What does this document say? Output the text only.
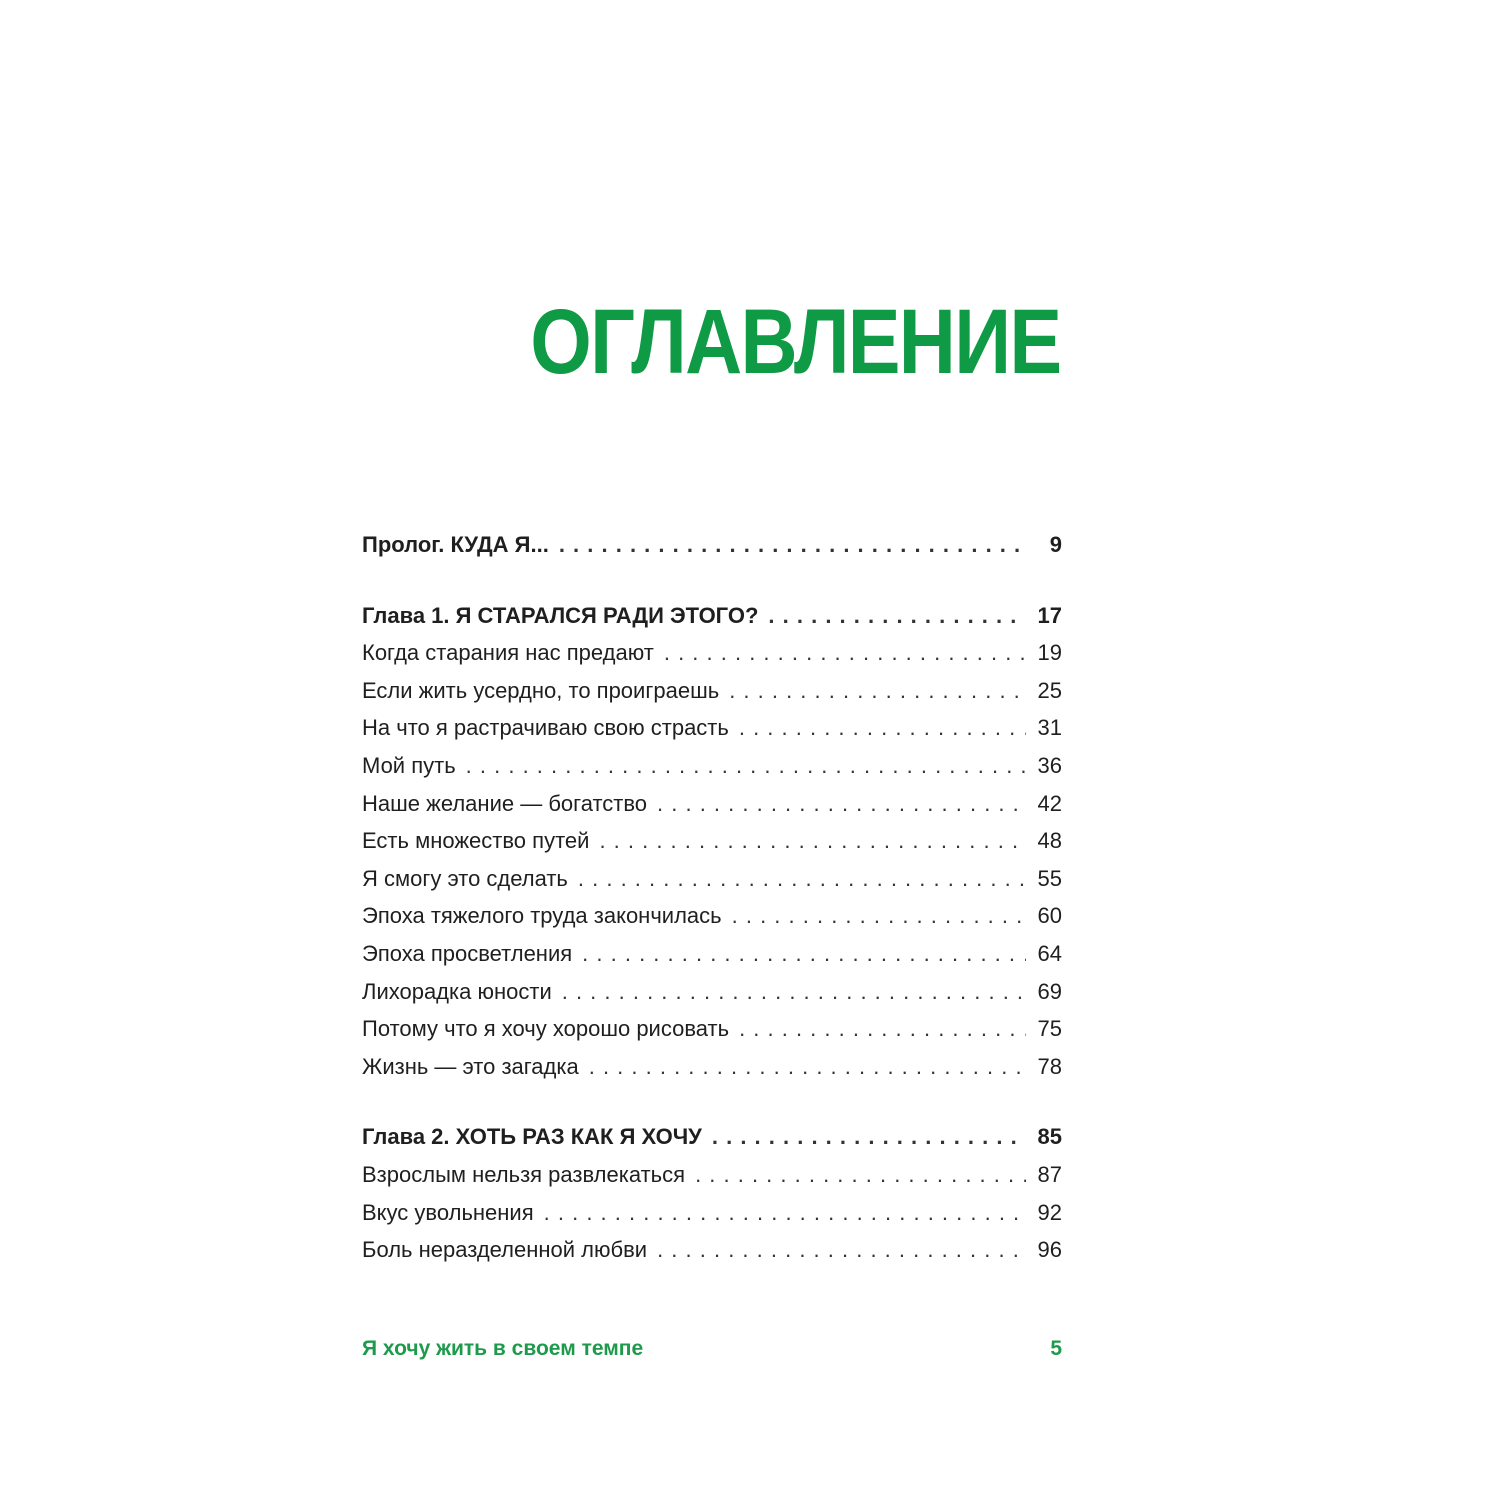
ОГЛАВЛЕНИЕ
Пролог. КУДА Я... . . .	9
Глава 1. Я СТАРАЛСЯ РАДИ ЭТОГО? . . .	17
Когда старания нас предают . . .	19
Если жить усердно, то проиграешь . . .	25
На что я растрачиваю свою страсть . . .	31
Мой путь . . .	36
Наше желание — богатство . . .	42
Есть множество путей . . .	48
Я смогу это сделать . . .	55
Эпоха тяжелого труда закончилась . . .	60
Эпоха просветления . . .	64
Лихорадка юности . . .	69
Потому что я хочу хорошо рисовать . . .	75
Жизнь — это загадка . . .	78
Глава 2. ХОТЬ РАЗ КАК Я ХОЧУ . . .	85
Взрослым нельзя развлекаться . . .	87
Вкус увольнения . . .	92
Боль неразделенной любви . . .	96
Я хочу жить в своем темпе	5
